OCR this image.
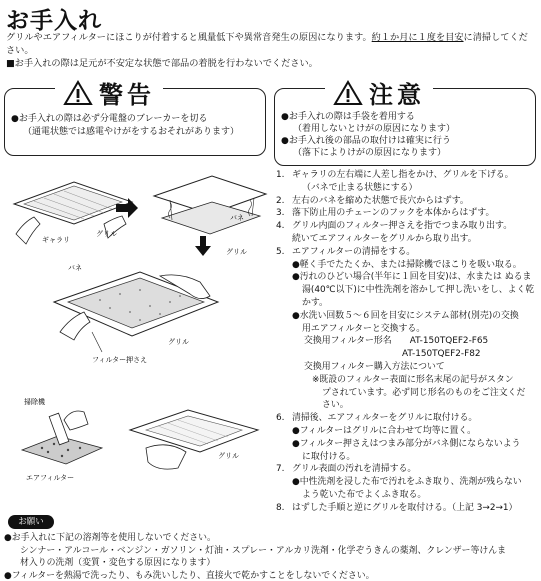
お手入れ
グリルやエアフィルターにほこりが付着すると風量低下や異常音発生の原因になります。約１か月に１度を目安に清掃してくだ
さい。
■お手入れの際は足元が不安定な状態で部品の着脱を行わないでください。
警告
●お手入れの際は必ず分電盤のブレーカーを切る
（通電状態では感電やけがをするおそれがあります）
注意
●お手入れの際は手袋を着用する
（着用しないとけがの原因になります）
●お手入れ後の部品の取付けは確実に行う
（落下によりけがの原因になります）
ギャラリ
グリル
バネ
グリル
バネ
フィルター押さえ
グリル
掃除機
エアフィルター
グリル
1. ギャラリの左右端に人差し指をかけ、グリルを下げる。
（バネで止まる状態にする）
2. 左右のバネを縮めた状態で長穴からはずす。
3. 落下防止用のチェーンのフックを本体からはずす。
4. グリル内面のフィルター押さえを指でつまみ取り出す。
続いてエアフィルターをグリルから取り出す。
5. エアフィルターの清掃をする。
●軽く手でたたくか、または掃除機でほこりを吸い取る。
●汚れのひどい場合(半年に１回を目安)は、水または ぬるま
湯(40℃以下)に中性洗剤を溶かして押し洗いをし、よく乾
かす。
●水洗い回数５〜６回を目安にシステム部材(別売)の交換
用エアフィルターと交換する。
交換用フィルター形名 AT-150TQEF2-F65
AT-150TQEF2-F82
交換用フィルター購入方法について
※既設のフィルター表面に形名末尾の記号がスタン
プされています。必ず同じ形名のものをご注文くだ
さい。
6. 清掃後、エアフィルターをグリルに取付ける。
●フィルターはグリルに合わせて均等に置く。
●フィルター押さえはつまみ部分がバネ側にならないよう
に取付ける。
7. グリル表面の汚れを清掃する。
●中性洗剤を浸した布で汚れをふき取り、洗剤が残らない
よう乾いた布でよくふき取る。
8. はずした手順と逆にグリルを取付ける。（上記 3→2→1）
お願い
●お手入れに下記の溶剤等を使用しないでください。
シンナー・アルコール・ベンジン・ガソリン・灯油・スプレー・アルカリ洗剤・化学ぞうきんの薬剤、クレンザー等けんま
材入りの洗剤（変質・変色する原因になります）
●フィルターを熱湯で洗ったり、もみ洗いしたり、直接火で乾かすことをしないでください。
